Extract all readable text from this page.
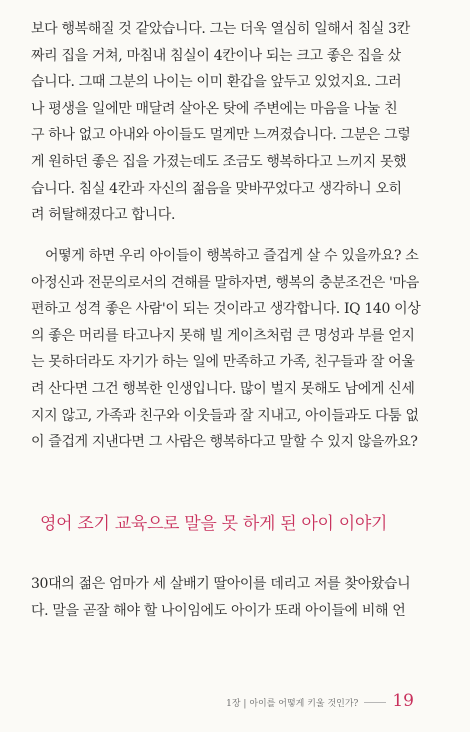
보다 행복해질 것 같았습니다. 그는 더욱 열심히 일해서 침실 3칸
짜리 집을 거쳐, 마침내 침실이 4칸이나 되는 크고 좋은 집을 샀
습니다. 그때 그분의 나이는 이미 환갑을 앞두고 있었지요. 그러
나 평생을 일에만 매달려 살아온 탓에 주변에는 마음을 나눌 친
구 하나 없고 아내와 아이들도 멀게만 느껴졌습니다. 그분은 그렇
게 원하던 좋은 집을 가졌는데도 조금도 행복하다고 느끼지 못했
습니다. 침실 4칸과 자신의 젊음을 맞바꾸었다고 생각하니 오히
려 허탈해졌다고 합니다.
어떻게 하면 우리 아이들이 행복하고 즐겁게 살 수 있을까요? 소
아정신과 전문의로서의 견해를 말하자면, 행복의 충분조건은 '마음
편하고 성격 좋은 사람'이 되는 것이라고 생각합니다. IQ 140 이상
의 좋은 머리를 타고나지 못해 빌 게이츠처럼 큰 명성과 부를 얻지
는 못하더라도 자기가 하는 일에 만족하고 가족, 친구들과 잘 어울
려 산다면 그건 행복한 인생입니다. 많이 벌지 못해도 남에게 신세
지지 않고, 가족과 친구와 이웃들과 잘 지내고, 아이들과도 다툼 없
이 즐겁게 지낸다면 그 사람은 행복하다고 말할 수 있지 않을까요?
영어 조기 교육으로 말을 못 하게 된 아이 이야기
30대의 젊은 엄마가 세 살배기 딸아이를 데리고 저를 찾아왔습니
다. 말을 곧잘 해야 할 나이임에도 아이가 또래 아이들에 비해 언
1장 | 아이를 어떻게 키울 것인가? 19
